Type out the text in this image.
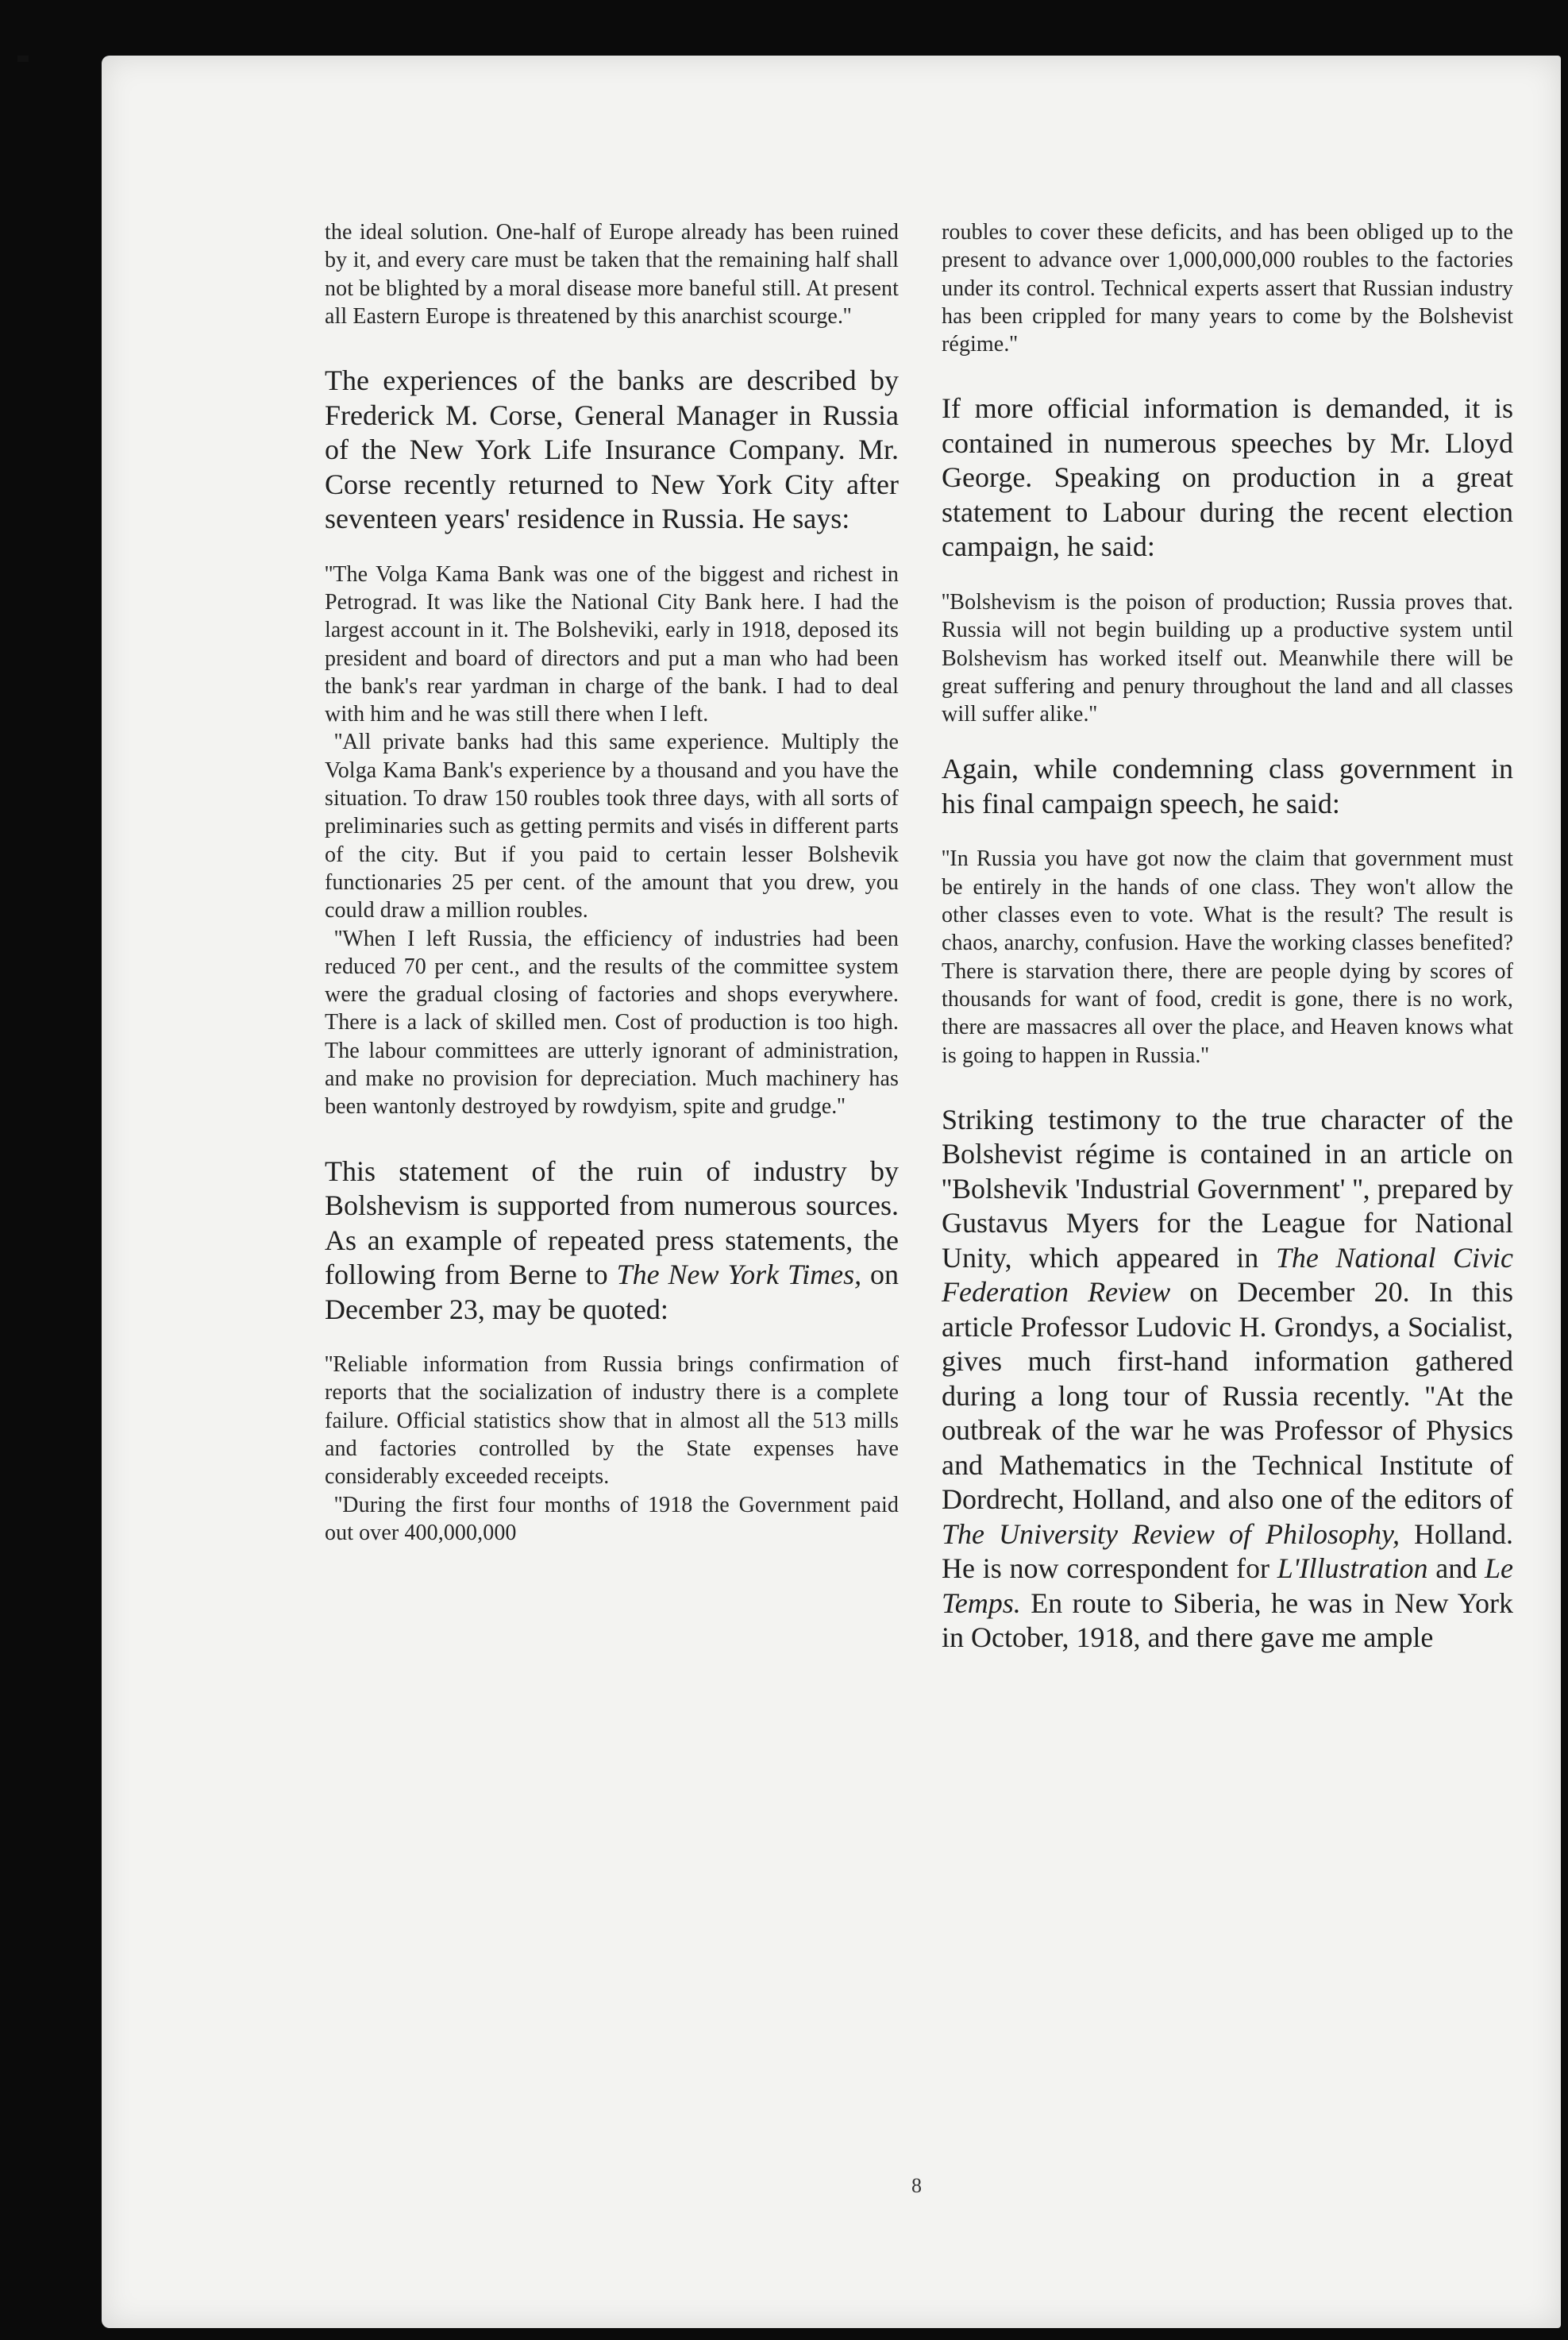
the ideal solution. One-half of Europe already has been ruined by it, and every care must be taken that the remaining half shall not be blighted by a moral disease more baneful still. At present all Eastern Europe is threatened by this anarchist scourge.''

The experiences of the banks are described by Frederick M. Corse, General Manager in Russia of the New York Life Insurance Company. Mr. Corse recently returned to New York City after seventeen years' residence in Russia. He says:

''The Volga Kama Bank was one of the biggest and richest in Petrograd. It was like the National City Bank here. I had the largest account in it. The Bolsheviki, early in 1918, deposed its president and board of directors and put a man who had been the bank's rear yardman in charge of the bank. I had to deal with him and he was still there when I left.

''All private banks had this same experience. Multiply the Volga Kama Bank's experience by a thousand and you have the situation. To draw 150 roubles took three days, with all sorts of preliminaries such as getting permits and visés in different parts of the city. But if you paid to certain lesser Bolshevik functionaries 25 per cent. of the amount that you drew, you could draw a million roubles.

''When I left Russia, the efficiency of industries had been reduced 70 per cent., and the results of the committee system were the gradual closing of factories and shops everywhere. There is a lack of skilled men. Cost of production is too high. The labour committees are utterly ignorant of administration, and make no provision for depreciation. Much machinery has been wantonly destroyed by rowdyism, spite and grudge.''

This statement of the ruin of industry by Bolshevism is supported from numerous sources. As an example of repeated press statements, the following from Berne to The New York Times, on December 23, may be quoted:

''Reliable information from Russia brings confirmation of reports that the socialization of industry there is a complete failure. Official statistics show that in almost all the 513 mills and factories controlled by the State expenses have considerably exceeded receipts.

''During the first four months of 1918 the Government paid out over 400,000,000

roubles to cover these deficits, and has been obliged up to the present to advance over 1,000,000,000 roubles to the factories under its control. Technical experts assert that Russian industry has been crippled for many years to come by the Bolshevist régime.''

If more official information is demanded, it is contained in numerous speeches by Mr. Lloyd George. Speaking on production in a great statement to Labour during the recent election campaign, he said:

''Bolshevism is the poison of production; Russia proves that. Russia will not begin building up a productive system until Bolshevism has worked itself out. Meanwhile there will be great suffering and penury throughout the land and all classes will suffer alike.''

Again, while condemning class government in his final campaign speech, he said:

''In Russia you have got now the claim that government must be entirely in the hands of one class. They won't allow the other classes even to vote. What is the result? The result is chaos, anarchy, confusion. Have the working classes benefited? There is starvation there, there are people dying by scores of thousands for want of food, credit is gone, there is no work, there are massacres all over the place, and Heaven knows what is going to happen in Russia.''

Striking testimony to the true character of the Bolshevist régime is contained in an article on ''Bolshevik 'Industrial Government' '', prepared by Gustavus Myers for the League for National Unity, which appeared in The National Civic Federation Review on December 20. In this article Professor Ludovic H. Grondys, a Socialist, gives much first-hand information gathered during a long tour of Russia recently. ''At the outbreak of the war he was Professor of Physics and Mathematics in the Technical Institute of Dordrecht, Holland, and also one of the editors of The University Review of Philosophy, Holland. He is now correspondent for L'Illustration and Le Temps. En route to Siberia, he was in New York in October, 1918, and there gave me ample

8
